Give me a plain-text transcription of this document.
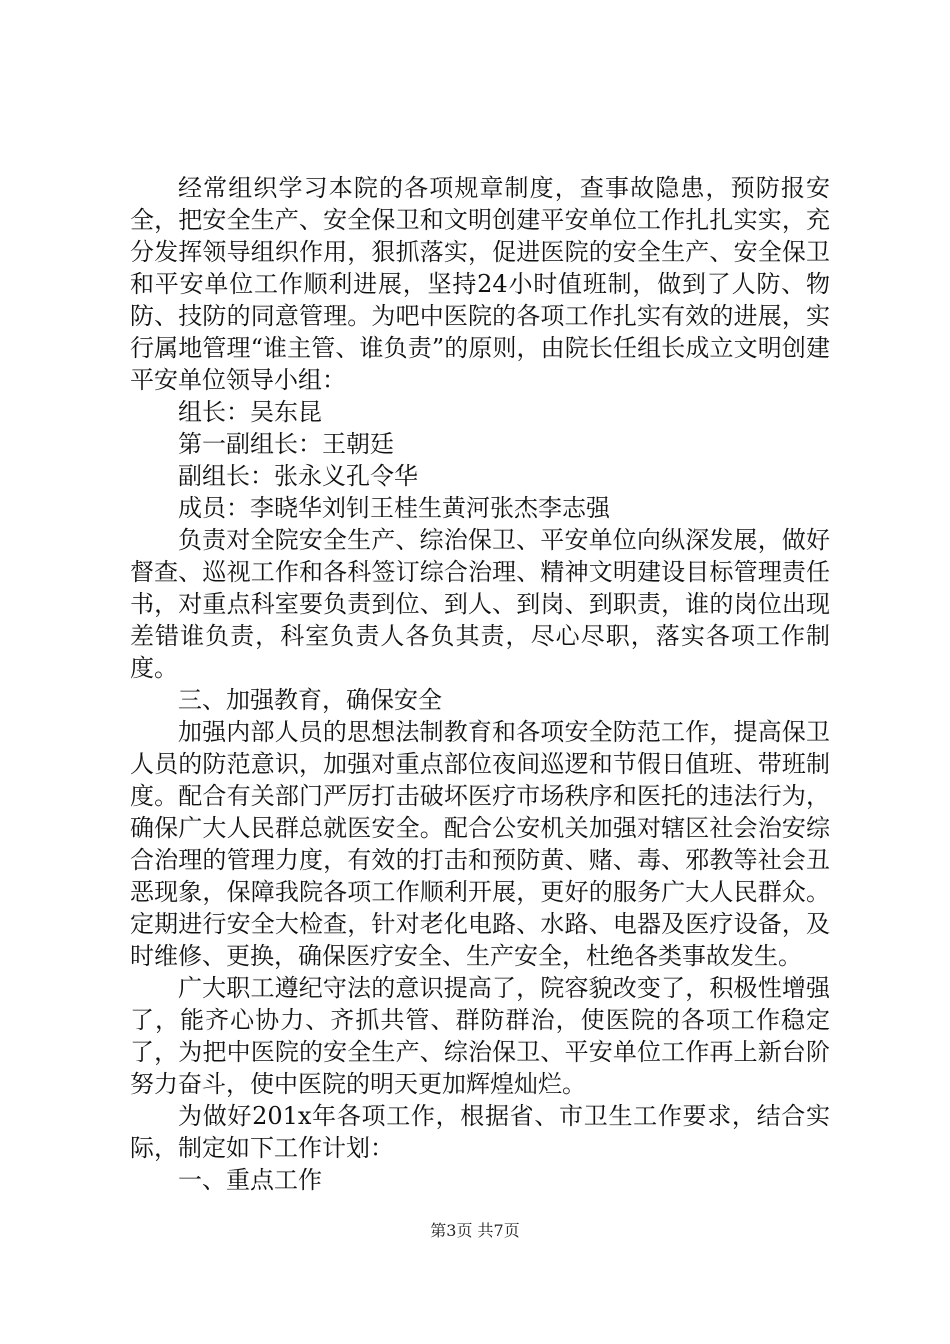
经常组织学习本院的各项规章制度，查事故隐患，预防报安全，把安全生产、安全保卫和文明创建平安单位工作扎扎实实，充分发挥领导组织作用，狠抓落实，促进医院的安全生产、安全保卫和平安单位工作顺利进展，坚持24小时值班制，做到了人防、物防、技防的同意管理。为吧中医院的各项工作扎实有效的进展，实行属地管理“谁主管、谁负责”的原则，由院长任组长成立文明创建平安单位领导小组：

组长：吴东昆

第一副组长：王朝廷

副组长：张永义孔令华

成员：李晓华刘钊王桂生黄河张杰李志强

负责对全院安全生产、综治保卫、平安单位向纵深发展，做好督查、巡视工作和各科签订综合治理、精神文明建设目标管理责任书，对重点科室要负责到位、到人、到岗、到职责，谁的岗位出现差错谁负责，科室负责人各负其责，尽心尽职，落实各项工作制度。

三、加强教育，确保安全

加强内部人员的思想法制教育和各项安全防范工作，提高保卫人员的防范意识，加强对重点部位夜间巡逻和节假日值班、带班制度。配合有关部门严厉打击破坏医疗市场秩序和医托的违法行为，确保广大人民群总就医安全。配合公安机关加强对辖区社会治安综合治理的管理力度，有效的打击和预防黄、赌、毒、邪教等社会丑恶现象，保障我院各项工作顺利开展，更好的服务广大人民群众。定期进行安全大检查，针对老化电路、水路、电器及医疗设备，及时维修、更换，确保医疗安全、生产安全，杜绝各类事故发生。

广大职工遵纪守法的意识提高了，院容貌改变了，积极性增强了，能齐心协力、齐抓共管、群防群治，使医院的各项工作稳定了，为把中医院的安全生产、综治保卫、平安单位工作再上新台阶努力奋斗，使中医院的明天更加辉煌灿烂。

为做好201x年各项工作，根据省、市卫生工作要求，结合实际，制定如下工作计划：

一、重点工作

第3页 共7页
